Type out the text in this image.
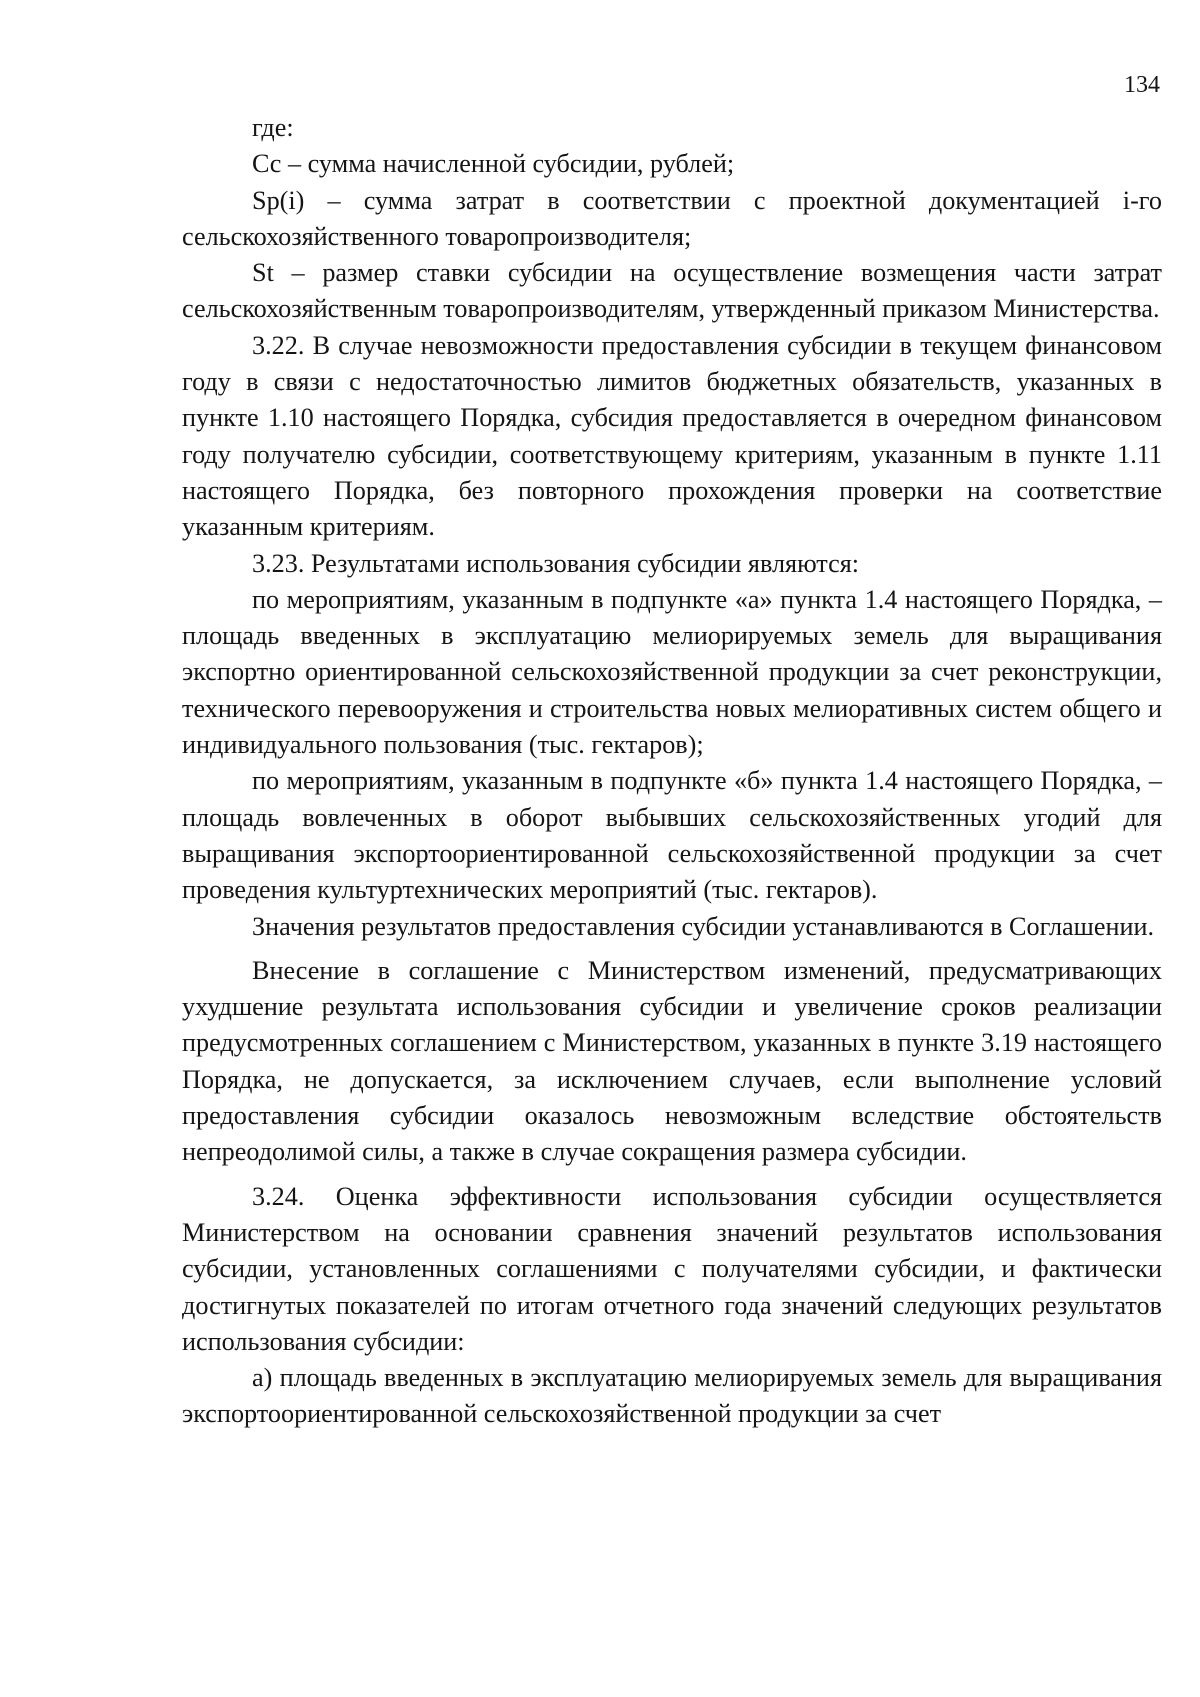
134

где:

Сс – сумма начисленной субсидии, рублей;

Sp(i) – сумма затрат в соответствии с проектной документацией i-го сельскохозяйственного товаропроизводителя;

St – размер ставки субсидии на осуществление возмещения части затрат сельскохозяйственным товаропроизводителям, утвержденный приказом Министерства.

3.22. В случае невозможности предоставления субсидии в текущем финансовом году в связи с недостаточностью лимитов бюджетных обязательств, указанных в пункте 1.10 настоящего Порядка, субсидия предоставляется в очередном финансовом году получателю субсидии, соответствующему критериям, указанным в пункте 1.11 настоящего Порядка, без повторного прохождения проверки на соответствие указанным критериям.

3.23. Результатами использования субсидии являются:

по мероприятиям, указанным в подпункте «а» пункта 1.4 настоящего Порядка, – площадь введенных в эксплуатацию мелиорируемых земель для выращивания экспортно ориентированной сельскохозяйственной продукции за счет реконструкции, технического перевооружения и строительства новых мелиоративных систем общего и индивидуального пользования (тыс. гектаров);

по мероприятиям, указанным в подпункте «б» пункта 1.4 настоящего Порядка, – площадь вовлеченных в оборот выбывших сельскохозяйственных угодий для выращивания экспортоориентированной сельскохозяйственной продукции за счет проведения культуртехнических мероприятий (тыс. гектаров).

Значения результатов предоставления субсидии устанавливаются в Соглашении.

Внесение в соглашение с Министерством изменений, предусматривающих ухудшение результата использования субсидии и увеличение сроков реализации предусмотренных соглашением с Министерством, указанных в пункте 3.19 настоящего Порядка, не допускается, за исключением случаев, если выполнение условий предоставления субсидии оказалось невозможным вследствие обстоятельств непреодолимой силы, а также в случае сокращения размера субсидии.

3.24. Оценка эффективности использования субсидии осуществляется Министерством на основании сравнения значений результатов использования субсидии, установленных соглашениями с получателями субсидии, и фактически достигнутых показателей по итогам отчетного года значений следующих результатов использования субсидии:

а) площадь введенных в эксплуатацию мелиорируемых земель для выращивания экспортоориентированной сельскохозяйственной продукции за счет
